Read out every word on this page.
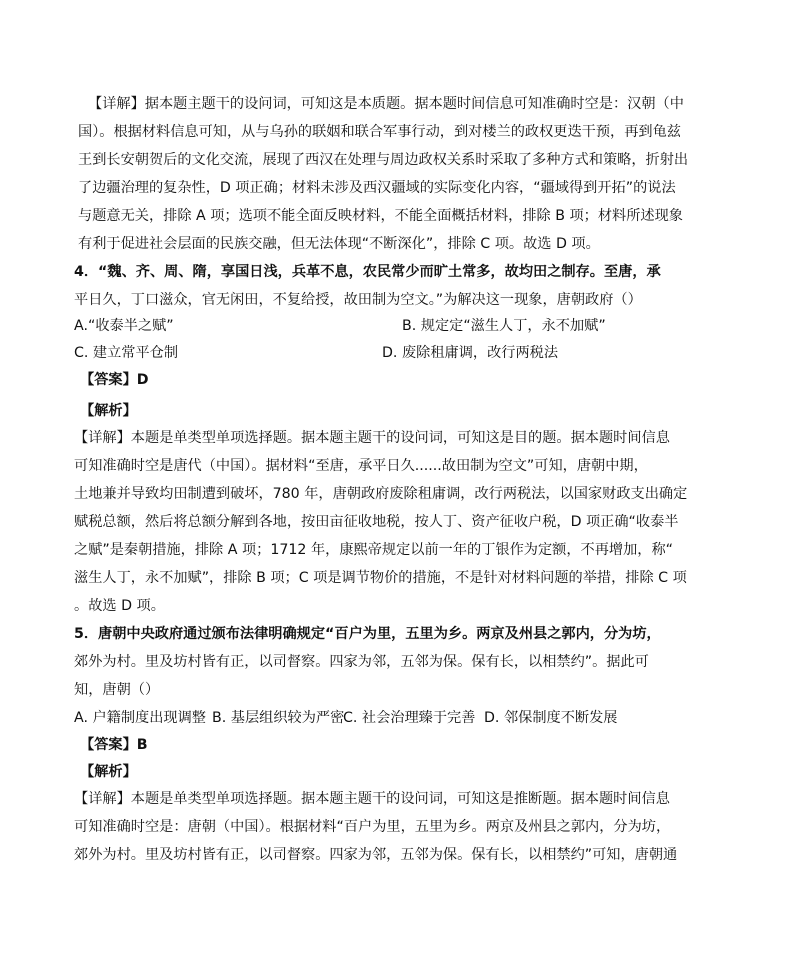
【详解】据本题主题干的设问词，可知这是本质题。据本题时间信息可知准确时空是：汉朝（中
国）。根据材料信息可知，从与乌孙的联姻和联合军事行动，到对楼兰的政权更迭干预，再到龟兹
王到长安朝贺后的文化交流，展现了西汉在处理与周边政权关系时采取了多种方式和策略，折射出
了边疆治理的复杂性，D 项正确；材料未涉及西汉疆域的实际变化内容，“疆域得到开拓”的说法
与题意无关，排除 A 项；选项不能全面反映材料，不能全面概括材料，排除 B 项；材料所述现象
有利于促进社会层面的民族交融，但无法体现“不断深化”，排除 C 项。故选 D 项。
4．“魏、齐、周、隋，享国日浅，兵革不息，农民常少而旷土常多，故均田之制存。至唐，承
平日久，丁口滋众，官无闲田，不复给授，故田制为空文。”为解决这一现象，唐朝政府（）
A.“收泰半之赋”	B. 规定定“滋生人丁，永不加赋”
C. 建立常平仓制	D. 废除租庸调，改行两税法
【答案】D
【解析】
【详解】本题是单类型单项选择题。据本题主题干的设问词，可知这是目的题。据本题时间信息
可知准确时空是唐代（中国）。据材料“至唐，承平日久......故田制为空文”可知，唐朝中期，
土地兼并导致均田制遭到破坏，780 年，唐朝政府废除租庸调，改行两税法，以国家财政支出确定
赋税总额，然后将总额分解到各地，按田亩征收地税，按人丁、资产征收户税，D 项正确“收泰半
之赋”是秦朝措施，排除 A 项；1712 年，康熙帝规定以前一年的丁银作为定额，不再增加，称“
滋生人丁，永不加赋”，排除 B 项；C 项是调节物价的措施，不是针对材料问题的举措，排除 C 项
。故选 D 项。
5．唐朝中央政府通过颁布法律明确规定“百户为里，五里为乡。两京及州县之郭内，分为坊，
郊外为村。里及坊村皆有正，以司督察。四家为邻，五邻为保。保有长，以相禁约”。据此可
知，唐朝（）
A. 户籍制度出现调整 B. 基层组织较为严密
C. 社会治理臻于完善 D. 邻保制度不断发展
【答案】B
【解析】
【详解】本题是单类型单项选择题。据本题主题干的设问词，可知这是推断题。据本题时间信息
可知准确时空是：唐朝（中国）。根据材料“百户为里，五里为乡。两京及州县之郭内，分为坊，
郊外为村。里及坊村皆有正，以司督察。四家为邻，五邻为保。保有长，以相禁约”可知，唐朝通
